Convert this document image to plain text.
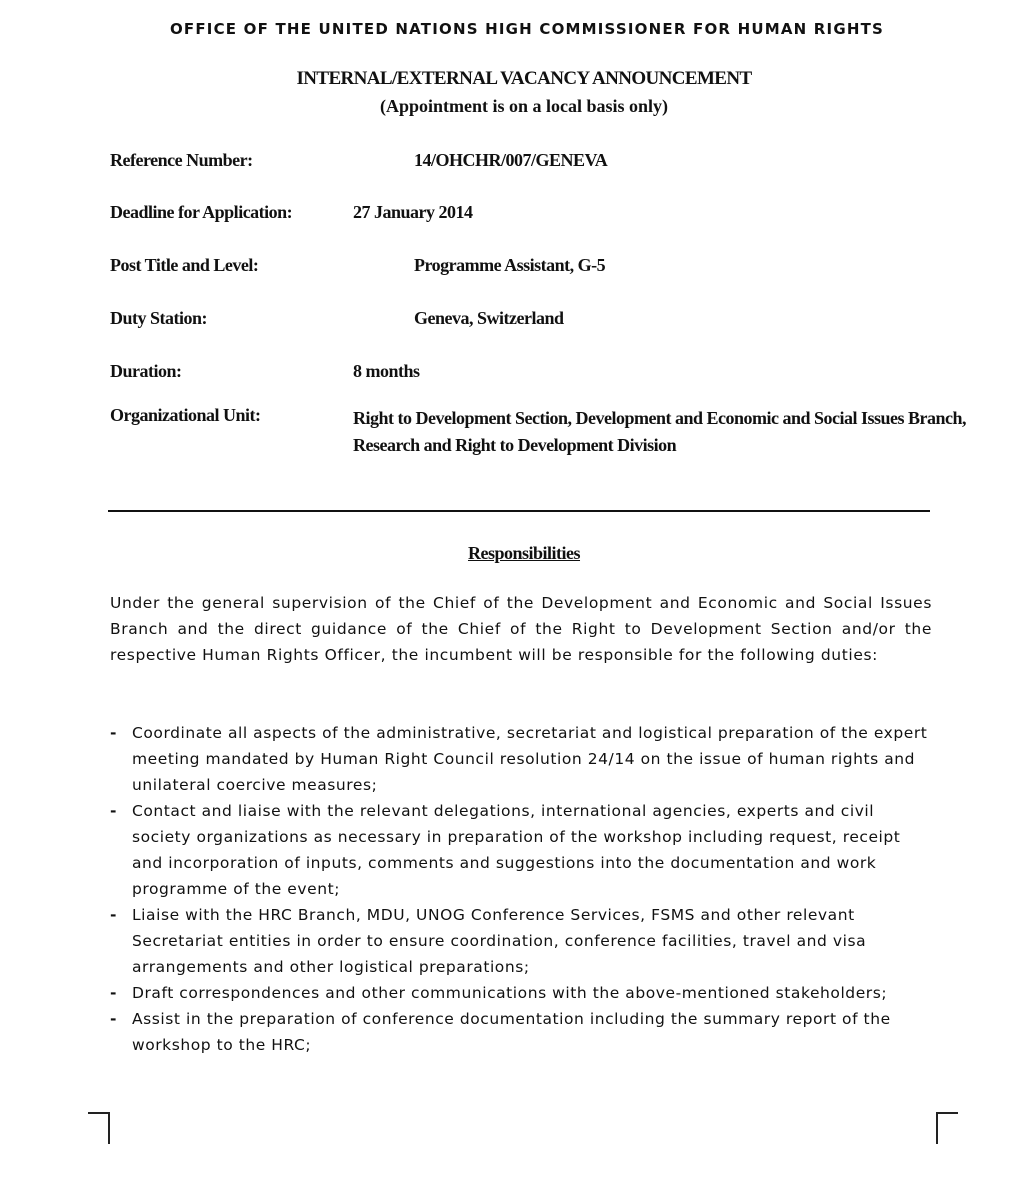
OFFICE OF THE UNITED NATIONS HIGH COMMISSIONER FOR HUMAN RIGHTS
INTERNAL/EXTERNAL VACANCY ANNOUNCEMENT
(Appointment is on a local basis only)
Reference Number:	14/OHCHR/007/GENEVA
Deadline for Application:	27 January 2014
Post Title and Level:	Programme Assistant, G-5
Duty Station:	Geneva, Switzerland
Duration:	8 months
Organizational Unit:	Right to Development Section, Development and Economic and Social Issues Branch, Research and Right to Development Division
Responsibilities
Under the general supervision of the Chief of the Development and Economic and Social Issues Branch and the direct guidance of the Chief of the Right to Development Section and/or the respective Human Rights Officer, the incumbent will be responsible for the following duties:
- Coordinate all aspects of the administrative, secretariat and logistical preparation of the expert meeting mandated by Human Right Council resolution 24/14 on the issue of human rights and unilateral coercive measures;
- Contact and liaise with the relevant delegations, international agencies, experts and civil society organizations as necessary in preparation of the workshop including request, receipt and incorporation of inputs, comments and suggestions into the documentation and work programme of the event;
- Liaise with the HRC Branch, MDU, UNOG Conference Services, FSMS and other relevant Secretariat entities in order to ensure coordination, conference facilities, travel and visa arrangements and other logistical preparations;
- Draft correspondences and other communications with the above-mentioned stakeholders;
- Assist in the preparation of conference documentation including the summary report of the workshop to the HRC;
